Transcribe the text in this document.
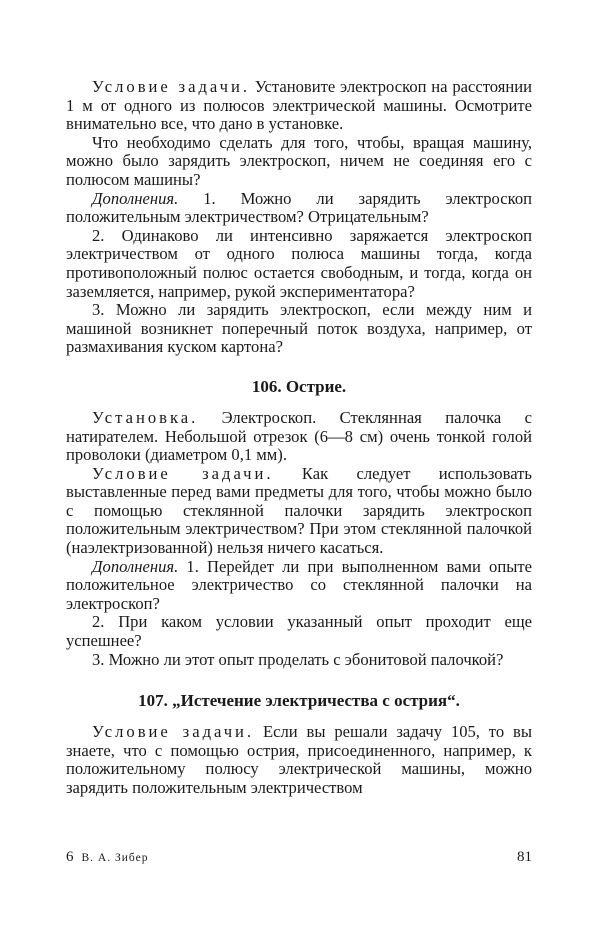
Условие задачи. Установите электроскоп на расстоянии 1 м от одного из полюсов электрической машины. Осмотрите внимательно все, что дано в установке.

Что необходимо сделать для того, чтобы, вращая машину, можно было зарядить электроскоп, ничем не соединяя его с полюсом машины?

Дополнения. 1. Можно ли зарядить электроскоп положительным электричеством? Отрицательным?

2. Одинаково ли интенсивно заряжается электроскоп электричеством от одного полюса машины тогда, когда противоположный полюс остается свободным, и тогда, когда он заземляется, например, рукой экспериментатора?

3. Можно ли зарядить электроскоп, если между ним и машиной возникнет поперечный поток воздуха, например, от размахивания куском картона?

106. Острие.

Установка. Электроскоп. Стеклянная палочка с натирателем. Небольшой отрезок (6—8 см) очень тонкой голой проволоки (диаметром 0,1 мм).

Условие задачи. Как следует использовать выставленные перед вами предметы для того, чтобы можно было с помощью стеклянной палочки зарядить электроскоп положительным электричеством? При этом стеклянной палочкой (наэлектризованной) нельзя ничего касаться.

Дополнения. 1. Перейдет ли при выполненном вами опыте положительное электричество со стеклянной палочки на электроскоп?

2. При каком условии указанный опыт проходит еще успешнее?

3. Можно ли этот опыт проделать с эбонитовой палочкой?

107. „Истечение электричества с острия“.

Условие задачи. Если вы решали задачу 105, то вы знаете, что с помощью острия, присоединенного, например, к положительному полюсу электрической машины, можно зарядить положительным электричеством

6 В. А. Зибер	81
